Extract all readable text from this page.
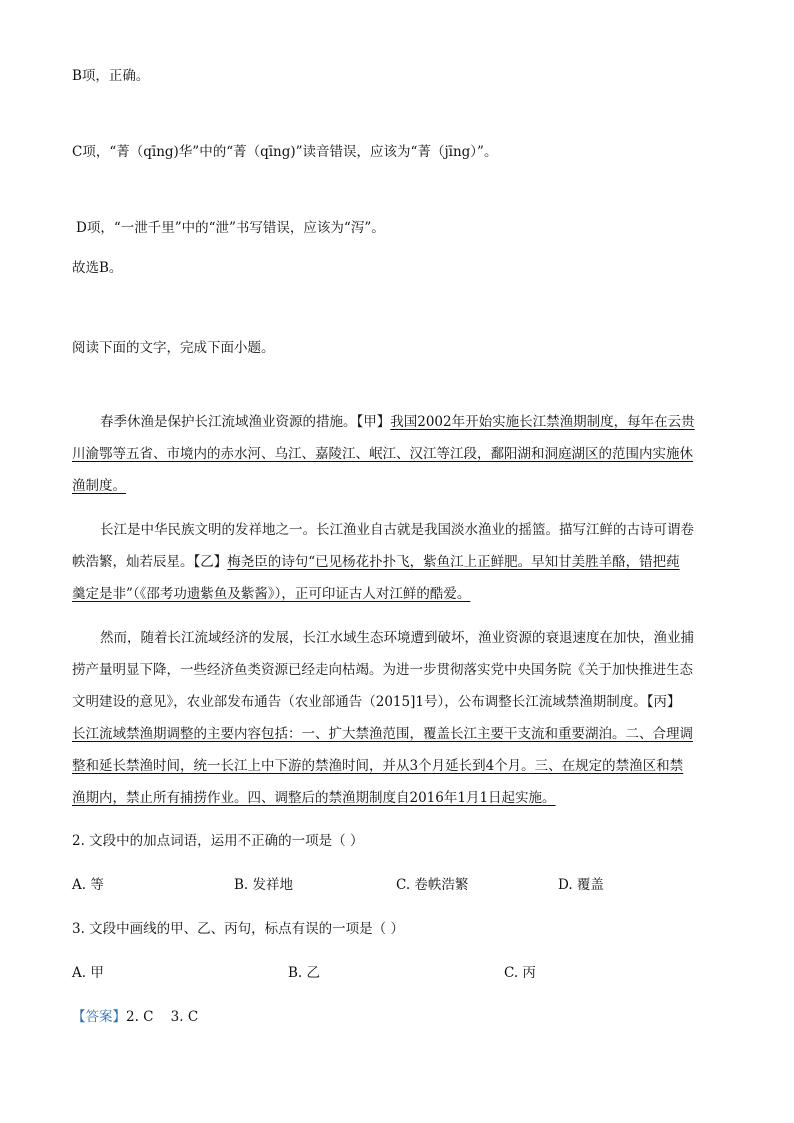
B项，正确。
C项，“菁（qīng)华”中的“菁（qīng)”读音错误，应该为“菁（jīng）”。
D项，“一泄千里”中的“泄”书写错误，应该为“泻”。
故选B。
阅读下面的文字，完成下面小题。
春季休渔是保护长江流域渔业资源的措施。【甲】我国2002年开始实施长江禁渔期制度，每年在云贵
川渝鄂等五省、市境内的赤水河、乌江、嘉陵江、岷江、汉江等江段，鄱阳湖和洞庭湖区的范围内实施休
渔制度。
长江是中华民族文明的发祥地之一。长江渔业自古就是我国淡水渔业的摇篮。描写江鲜的古诗可谓卷
帙浩繁，灿若辰星。【乙】梅尧臣的诗句“已见杨花扑扑飞，紫鱼江上正鲜肥。早知甘美胜羊酪，错把莼
羹定是非”（《邵考功遗紫鱼及紫酱》），正可印证古人对江鲜的酷爱。
然而，随着长江流域经济的发展，长江水域生态环境遭到破坏，渔业资源的衰退速度在加快，渔业捕
捞产量明显下降，一些经济鱼类资源已经走向枯竭。为进一步贯彻落实党中央国务院《关于加快推进生态
文明建设的意见》，农业部发布通告（农业部通告（2015]1号），公布调整长江流域禁渔期制度。【丙】
长江流域禁渔期调整的主要内容包括：一、扩大禁渔范围，覆盖长江主要干支流和重要湖泊。二、合理调
整和延长禁渔时间，统一长江上中下游的禁渔时间，并从3个月延长到4个月。三、在规定的禁渔区和禁
渔期内，禁止所有捕捞作业。四、调整后的禁渔期制度自2016年1月1日起实施。
2. 文段中的加点词语，运用不正确的一项是（ ）
A. 等	B. 发祥地	C. 卷帙浩繁	D. 覆盖
3. 文段中画线的甲、乙、丙句，标点有误的一项是（ ）
A. 甲	B. 乙	C. 丙
【答案】2. C    3. C
